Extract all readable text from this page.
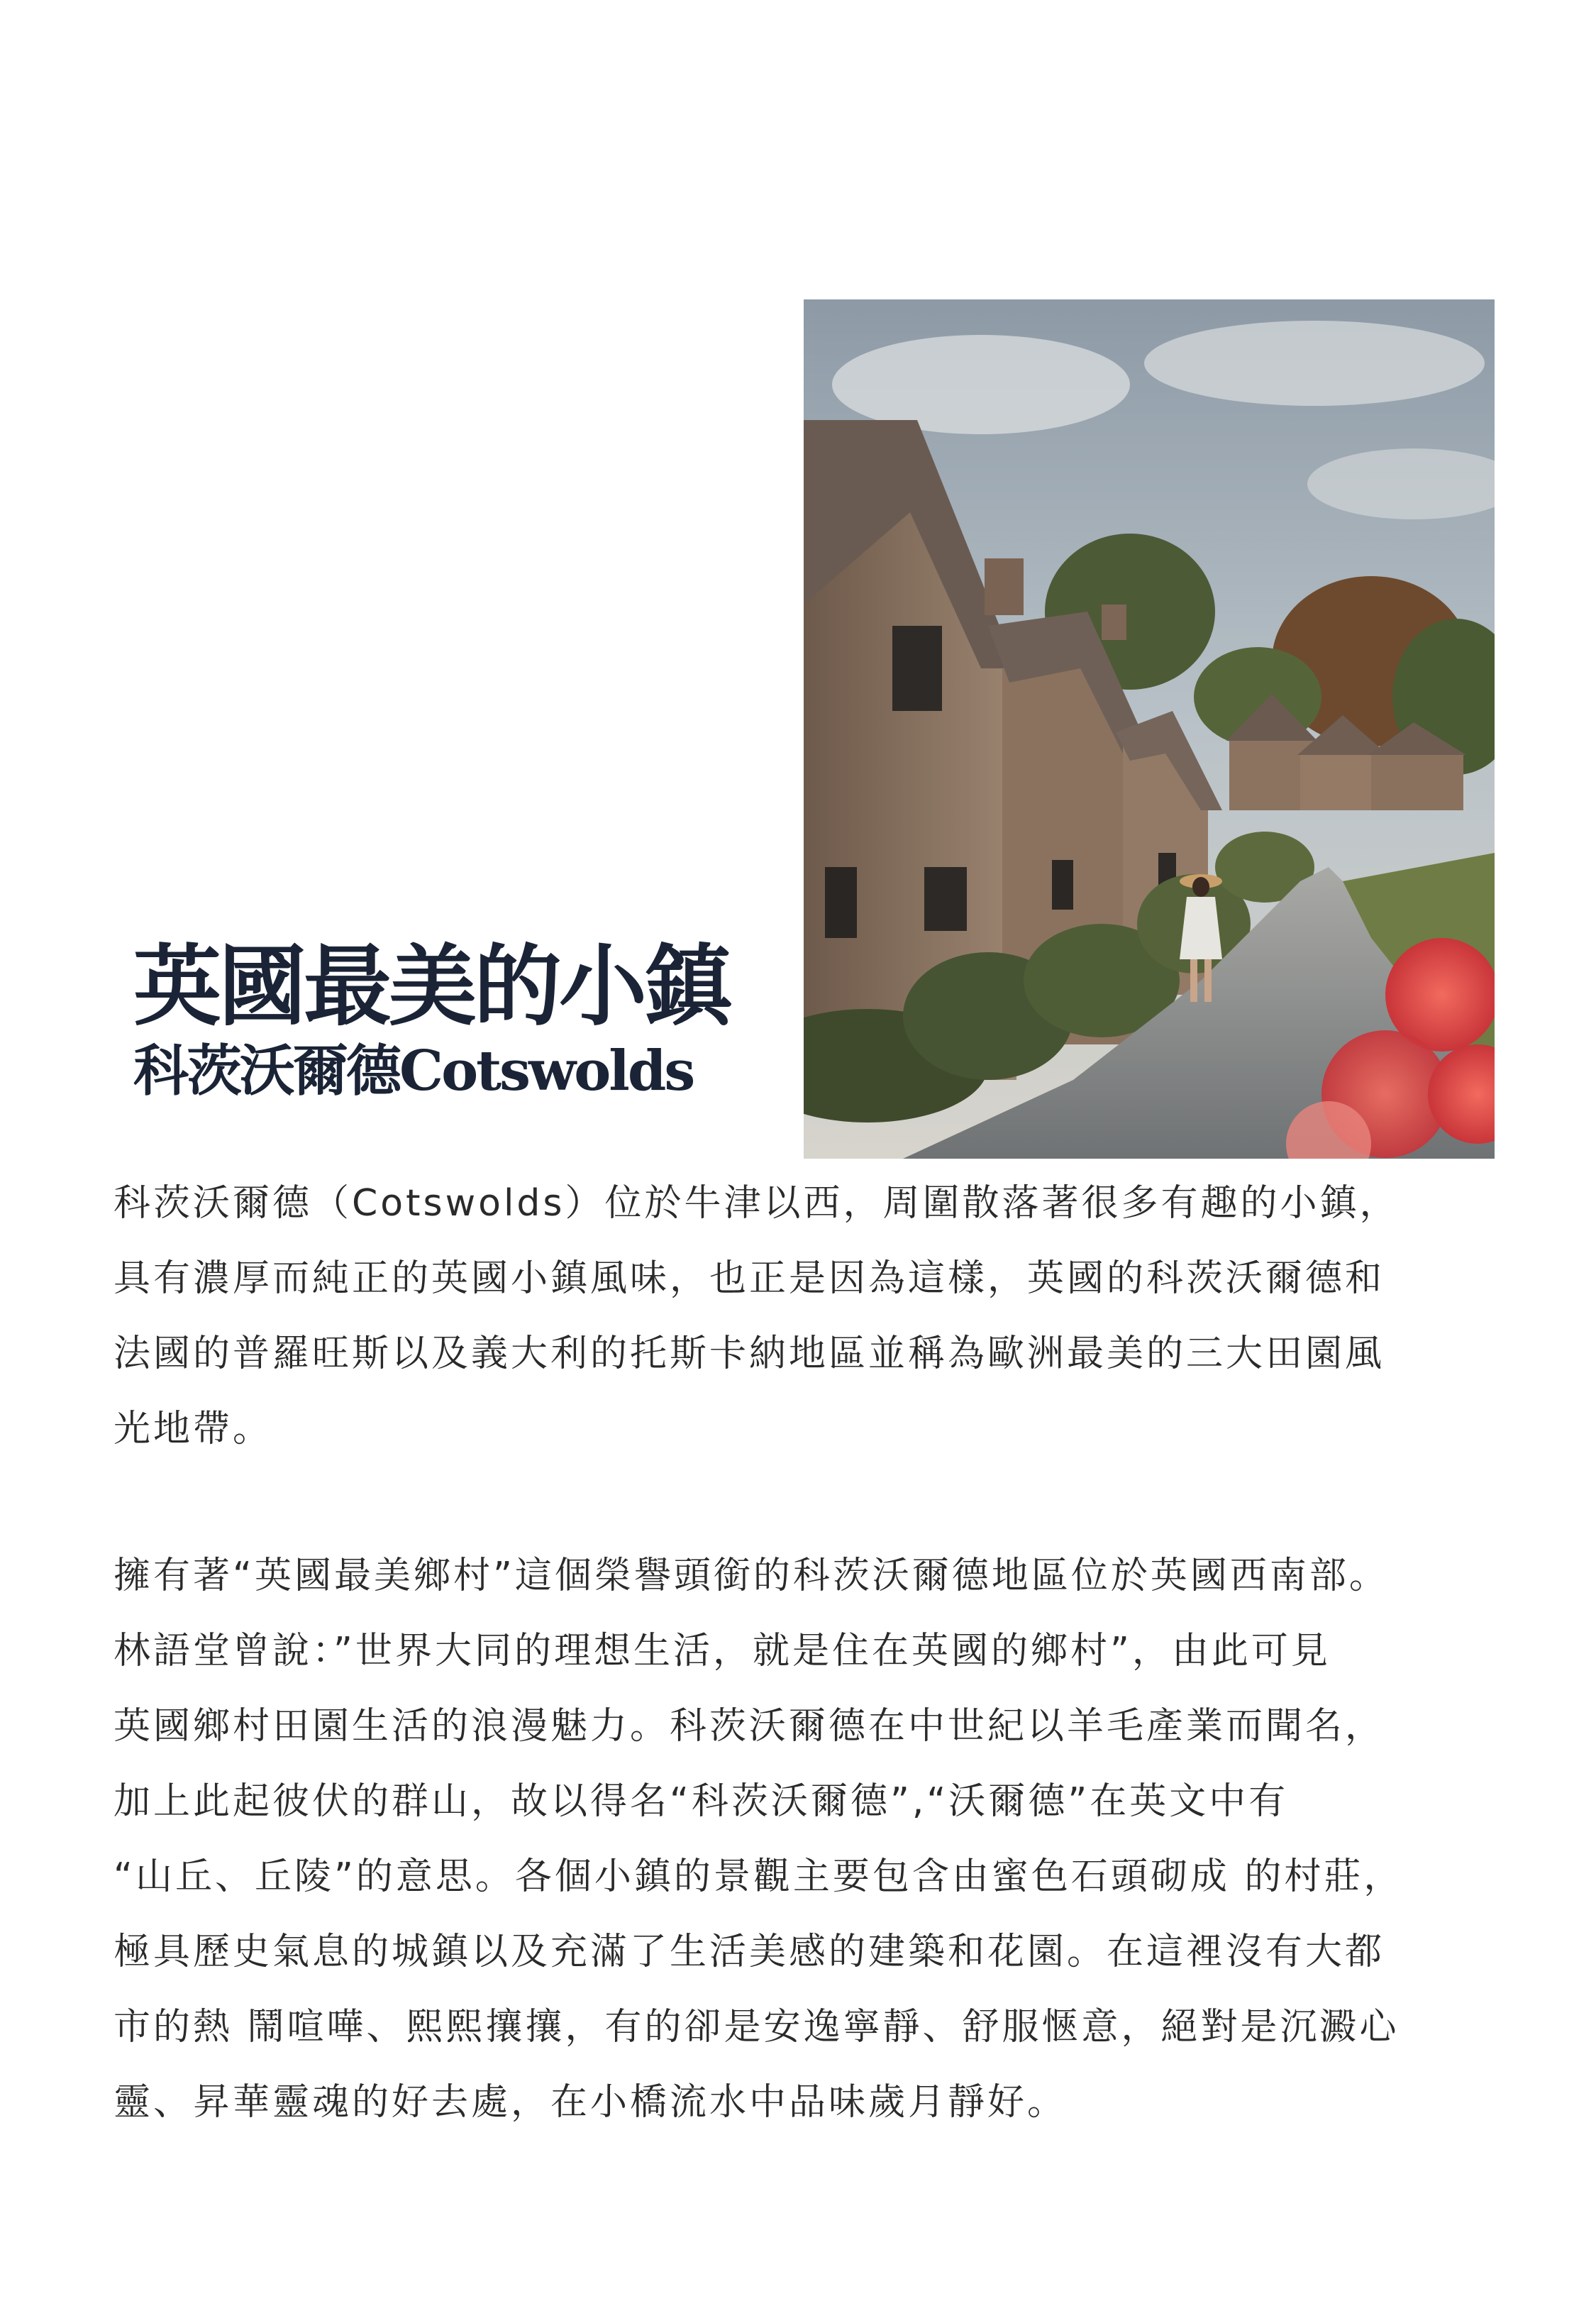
英國最美的小鎮
科茨沃爾德Cotswolds

科茨沃爾德（Cotswolds）位於牛津以西，周圍散落著很多有趣的小鎮，
具有濃厚而純正的英國小鎮風味，也正是因為這樣，英國的科茨沃爾德和
法國的普羅旺斯以及義大利的托斯卡納地區並稱為歐洲最美的三大田園風
光地帶。

擁有著“英國最美鄉村”這個榮譽頭銜的科茨沃爾德地區位於英國西南部。
林語堂曾說：”世界大同的理想生活，就是住在英國的鄉村”，由此可見
英國鄉村田園生活的浪漫魅力。科茨沃爾德在中世紀以羊毛產業而聞名，
加上此起彼伏的群山，故以得名“科茨沃爾德”,“沃爾德”在英文中有
“山丘、丘陵”的意思。各個小鎮的景觀主要包含由蜜色石頭砌成 的村莊，
極具歷史氣息的城鎮以及充滿了生活美感的建築和花園。在這裡沒有大都
市的熱 鬧喧嘩、熙熙攘攘，有的卻是安逸寧靜、舒服愜意，絕對是沉澱心
靈、昇華靈魂的好去處，在小橋流水中品味歲月靜好。
